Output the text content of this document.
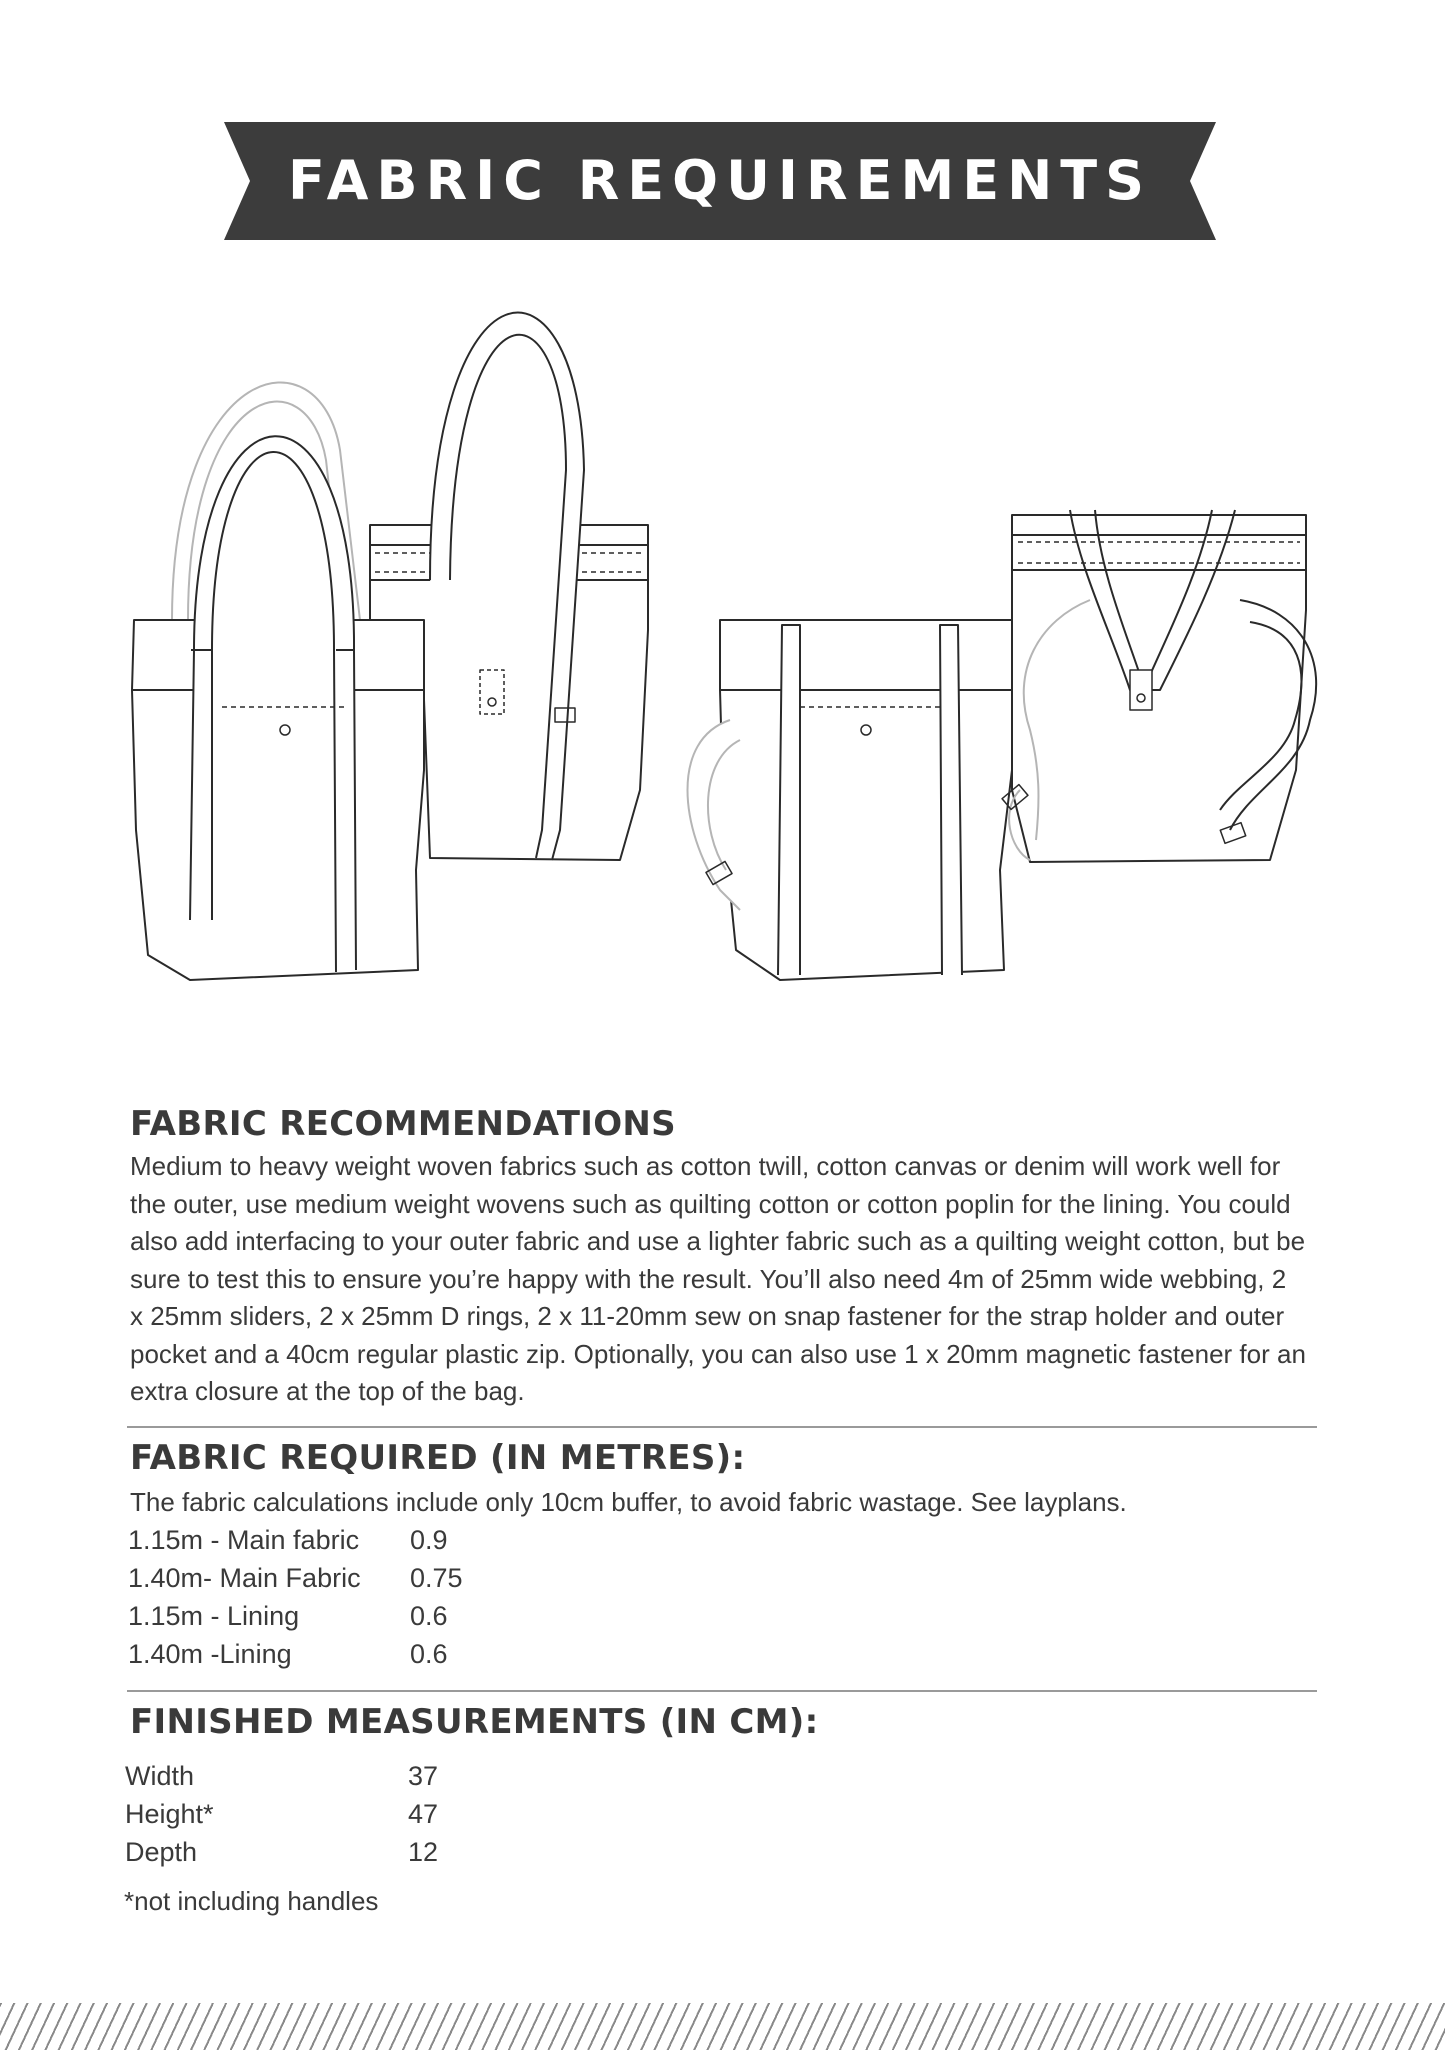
FABRIC REQUIREMENTS
FABRIC RECOMMENDATIONS
Medium to heavy weight woven fabrics such as cotton twill, cotton canvas or denim will work well for
the outer, use medium weight wovens such as quilting cotton or cotton poplin for the lining. You could
also add interfacing to your outer fabric and use a lighter fabric such as a quilting weight cotton, but be
sure to test this to ensure you’re happy with the result. You’ll also need 4m of 25mm wide webbing, 2
x 25mm sliders, 2 x 25mm D rings, 2 x 11-20mm sew on snap fastener for the strap holder and outer
pocket and a 40cm regular plastic zip. Optionally, you can also use 1 x 20mm magnetic fastener for an
extra closure at the top of the bag.
FABRIC REQUIRED (IN METRES):
The fabric calculations include only 10cm buffer, to avoid fabric wastage. See layplans.
1.15m - Main fabric 0.9
1.40m- Main Fabric 0.75
1.15m - Lining	0.6
1.40m -Lining	0.6
FINISHED MEASUREMENTS (IN CM):
Width	37
Height*	47
Depth	12
*not including handles
